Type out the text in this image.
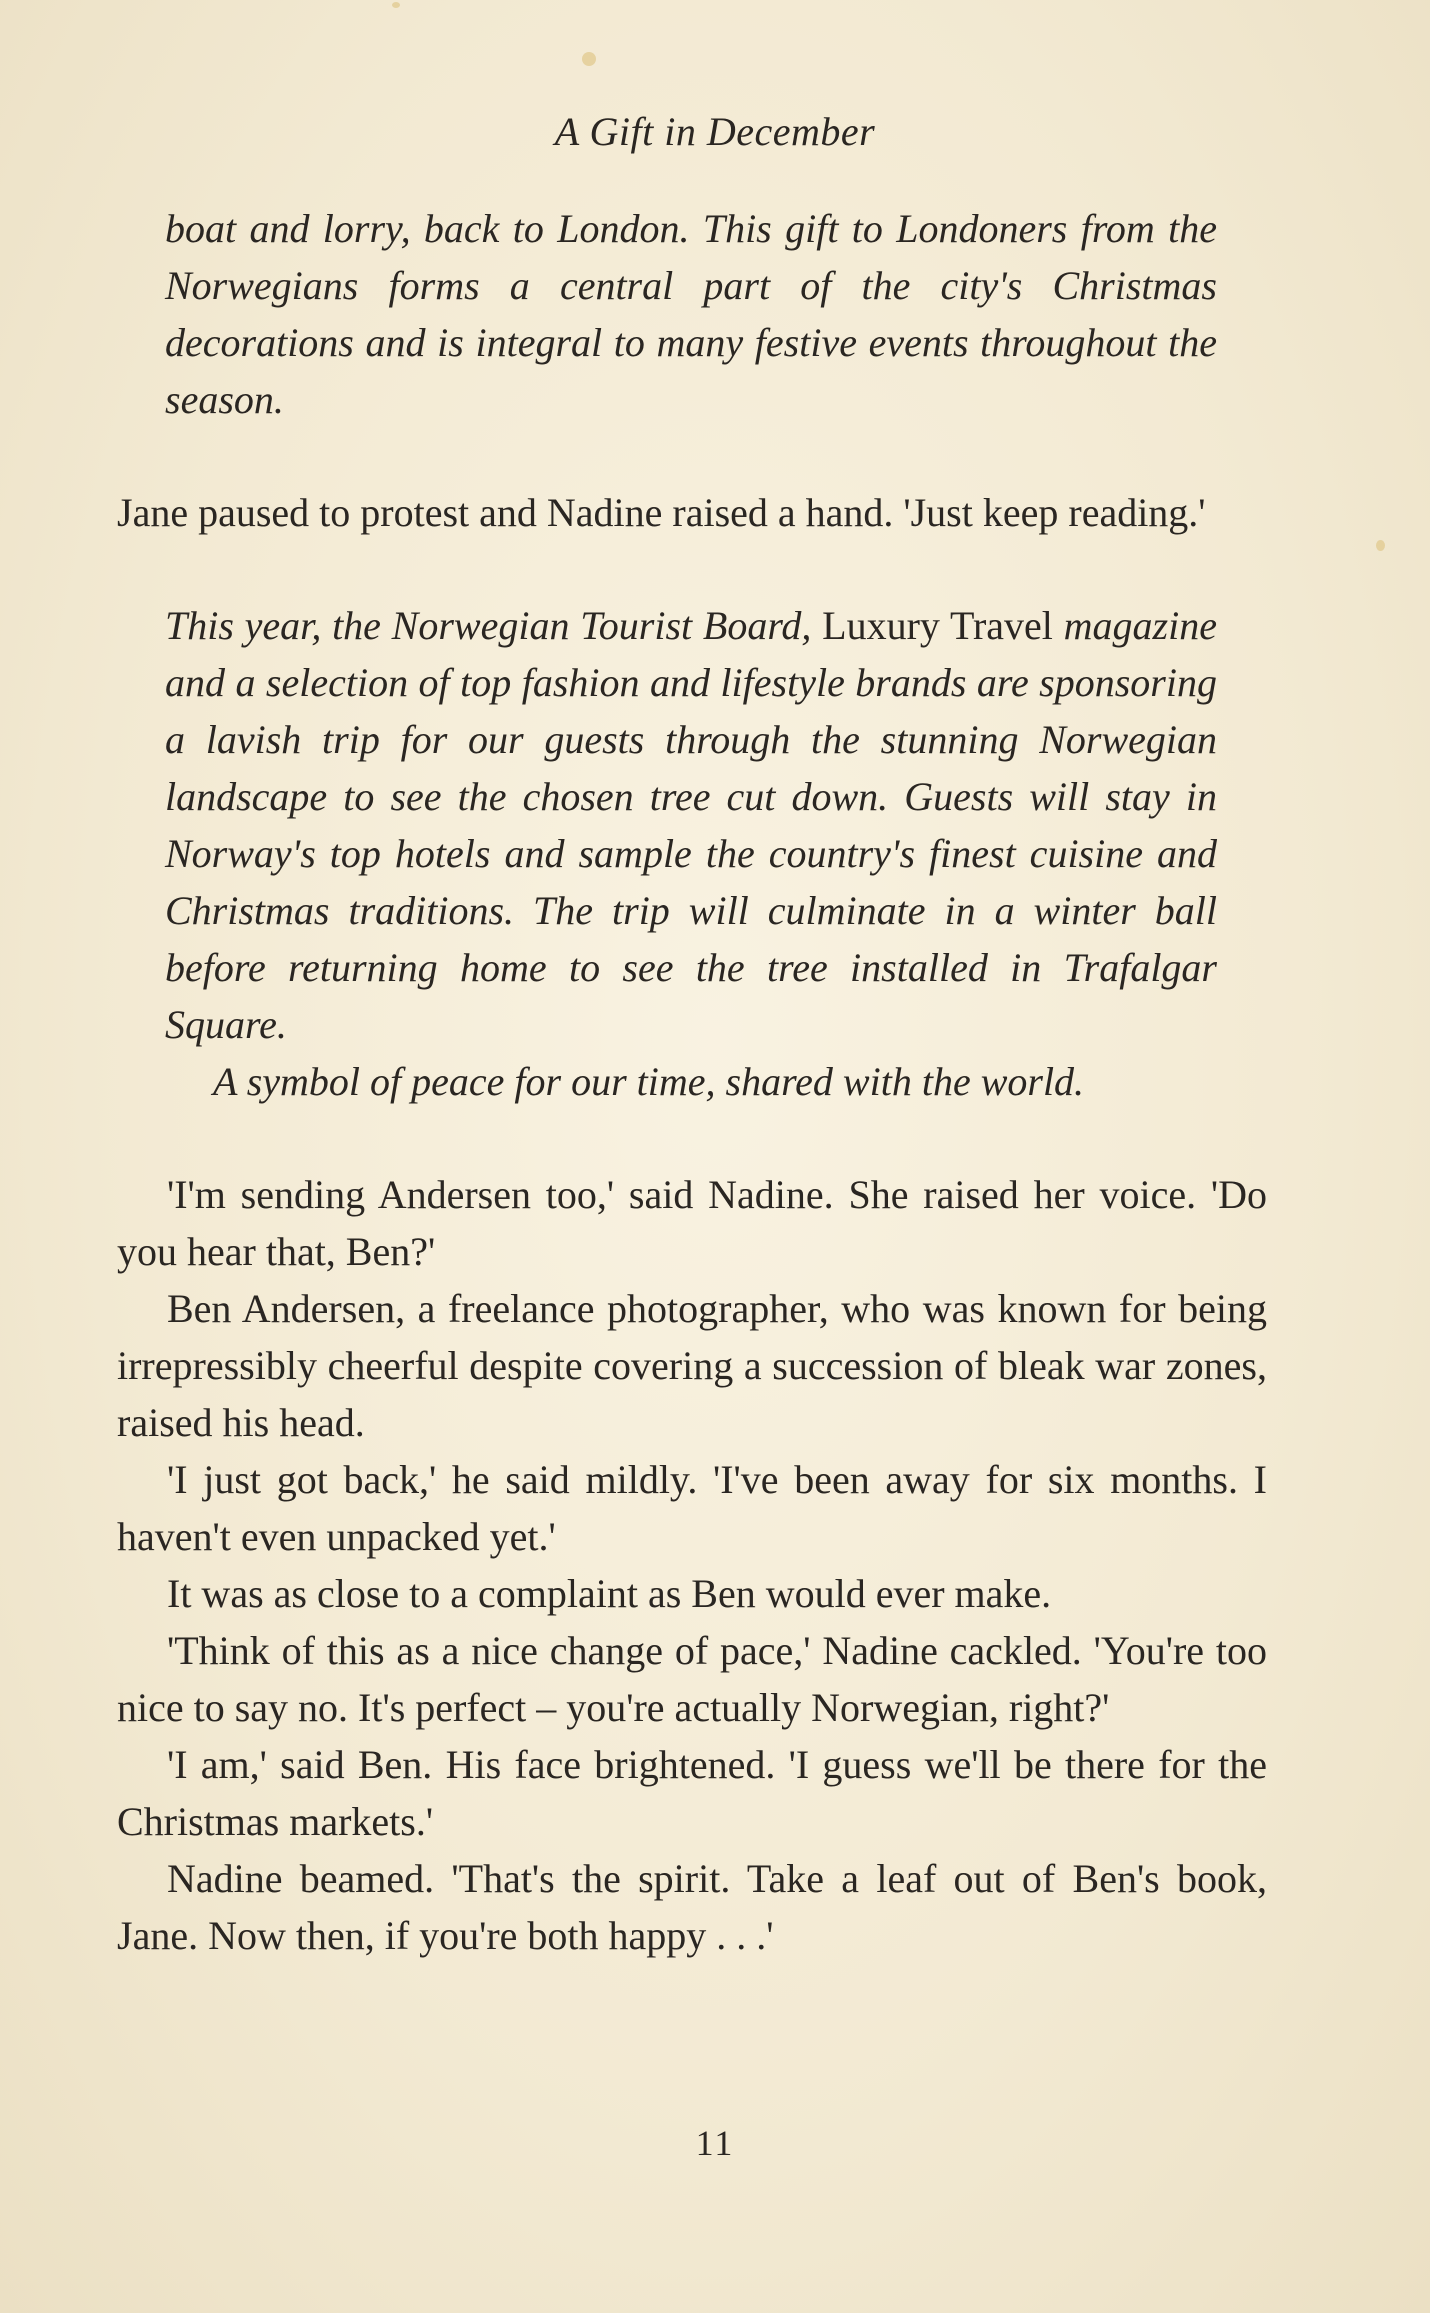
A Gift in December

boat and lorry, back to London. This gift to Londoners from the Norwegians forms a central part of the city's Christmas decorations and is integral to many festive events throughout the season.

Jane paused to protest and Nadine raised a hand. 'Just keep reading.'

This year, the Norwegian Tourist Board, Luxury Travel magazine and a selection of top fashion and lifestyle brands are sponsoring a lavish trip for our guests through the stunning Norwegian landscape to see the chosen tree cut down. Guests will stay in Norway's top hotels and sample the country's finest cuisine and Christmas traditions. The trip will culminate in a winter ball before returning home to see the tree installed in Trafalgar Square.

A symbol of peace for our time, shared with the world.

'I'm sending Andersen too,' said Nadine. She raised her voice. 'Do you hear that, Ben?'

Ben Andersen, a freelance photographer, who was known for being irrepressibly cheerful despite covering a succession of bleak war zones, raised his head.

'I just got back,' he said mildly. 'I've been away for six months. I haven't even unpacked yet.'

It was as close to a complaint as Ben would ever make.

'Think of this as a nice change of pace,' Nadine cackled. 'You're too nice to say no. It's perfect – you're actually Norwegian, right?'

'I am,' said Ben. His face brightened. 'I guess we'll be there for the Christmas markets.'

Nadine beamed. 'That's the spirit. Take a leaf out of Ben's book, Jane. Now then, if you're both happy . . .'

11
